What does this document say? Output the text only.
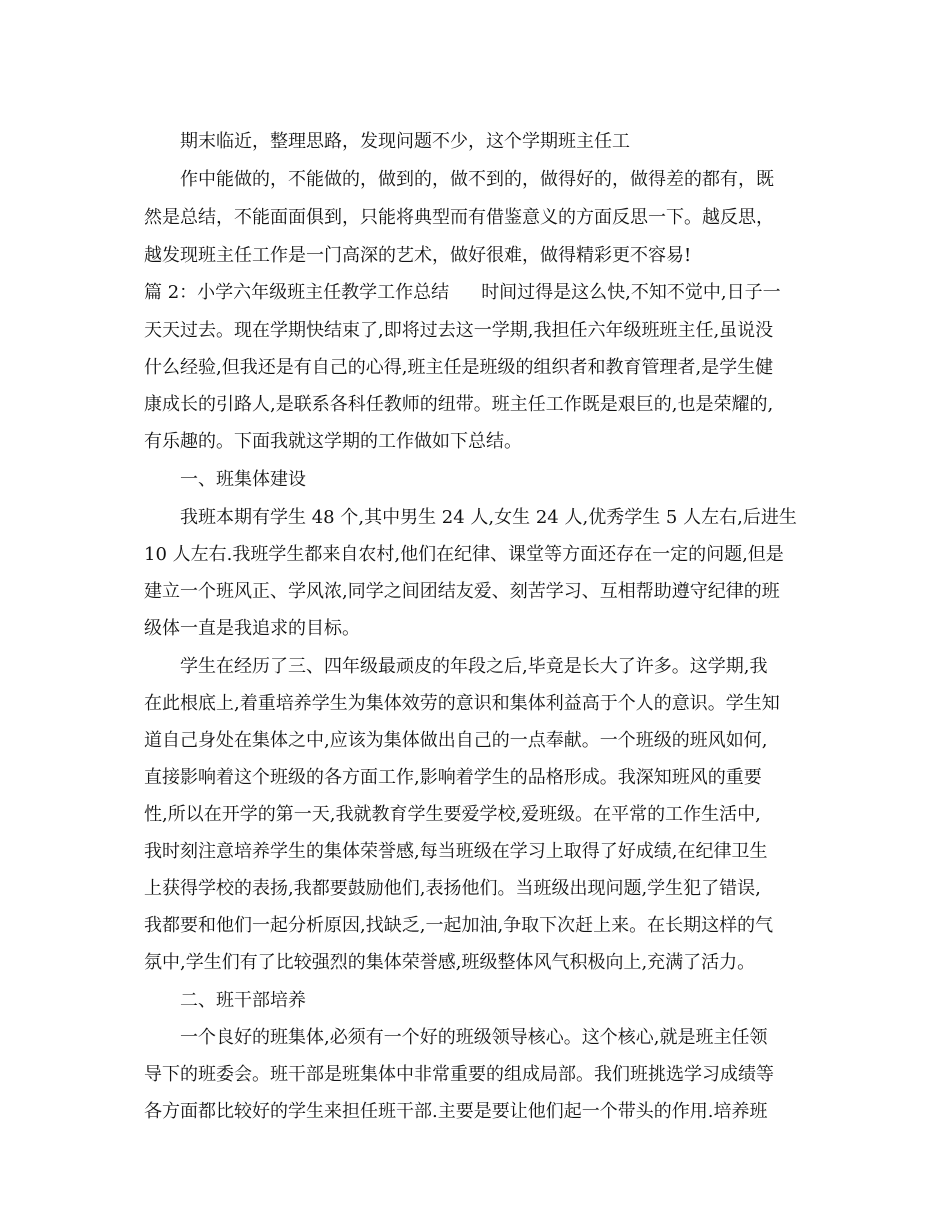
期末临近，整理思路，发现问题不少，这个学期班主任工
作中能做的，不能做的，做到的，做不到的，做得好的，做得差的都有，既
然是总结，不能面面俱到，只能将典型而有借鉴意义的方面反思一下。越反思，
越发现班主任工作是一门高深的艺术，做好很难，做得精彩更不容易!
篇 2：小学六年级班主任教学工作总结 时间过得是这么快,不知不觉中,日子一
天天过去。现在学期快结束了,即将过去这一学期,我担任六年级班班主任,虽说没
什么经验,但我还是有自己的心得,班主任是班级的组织者和教育管理者,是学生健
康成长的引路人,是联系各科任教师的纽带。班主任工作既是艰巨的,也是荣耀的,
有乐趣的。下面我就这学期的工作做如下总结。
一、班集体建设
我班本期有学生 48 个,其中男生 24 人,女生 24 人,优秀学生 5 人左右,后进生
10 人左右.我班学生都来自农村,他们在纪律、课堂等方面还存在一定的问题,但是
建立一个班风正、学风浓,同学之间团结友爱、刻苦学习、互相帮助遵守纪律的班
级体一直是我追求的目标。
学生在经历了三、四年级最顽皮的年段之后,毕竟是长大了许多。这学期,我
在此根底上,着重培养学生为集体效劳的意识和集体利益高于个人的意识。学生知
道自己身处在集体之中,应该为集体做出自己的一点奉献。一个班级的班风如何,
直接影响着这个班级的各方面工作,影响着学生的品格形成。我深知班风的重要
性,所以在开学的第一天,我就教育学生要爱学校,爱班级。在平常的工作生活中,
我时刻注意培养学生的集体荣誉感,每当班级在学习上取得了好成绩,在纪律卫生
上获得学校的表扬,我都要鼓励他们,表扬他们。当班级出现问题,学生犯了错误,
我都要和他们一起分析原因,找缺乏,一起加油,争取下次赶上来。在长期这样的气
氛中,学生们有了比较强烈的集体荣誉感,班级整体风气积极向上,充满了活力。
二、班干部培养
一个良好的班集体,必须有一个好的班级领导核心。这个核心,就是班主任领
导下的班委会。班干部是班集体中非常重要的组成局部。我们班挑选学习成绩等
各方面都比较好的学生来担任班干部.主要是要让他们起一个带头的作用.培养班
